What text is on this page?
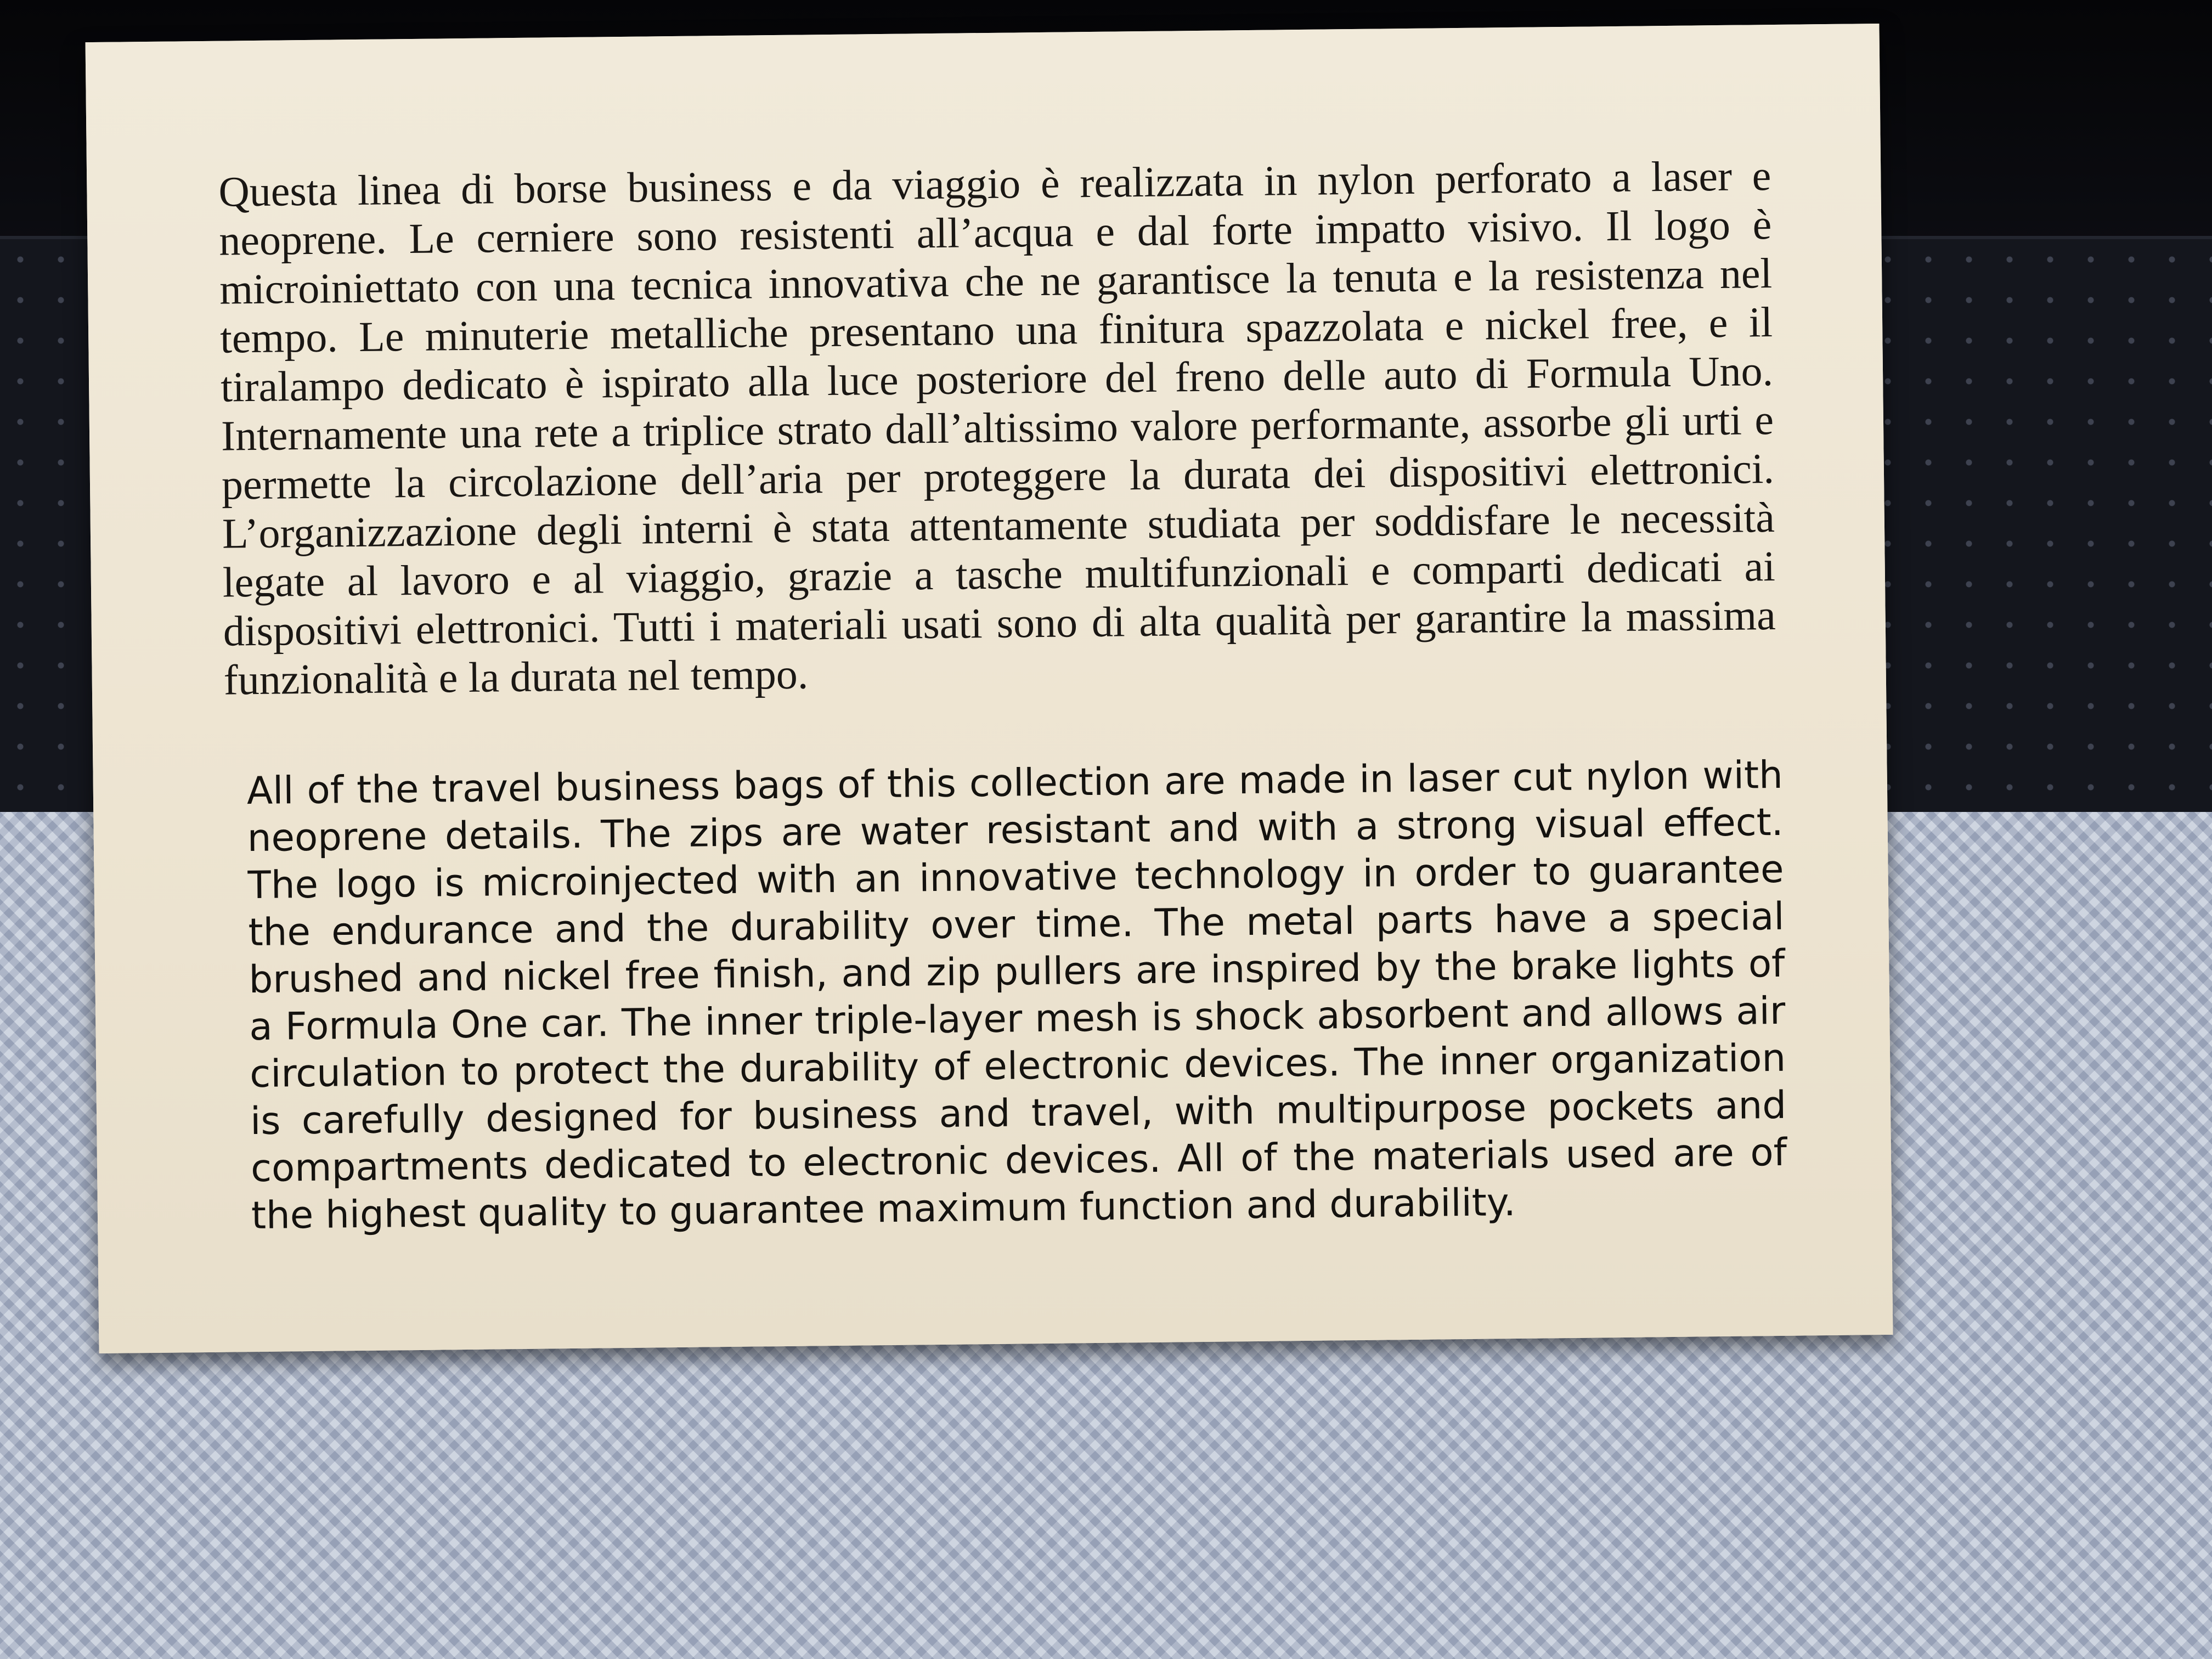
Questa linea di borse business e da viaggio è realizzata in nylon perforato a laser e neoprene. Le cerniere sono resistenti all’acqua e dal forte impatto visivo. Il logo è microiniettato con una tecnica innovativa che ne garantisce la tenuta e la resistenza nel tempo. Le minuterie metalliche presentano una finitura spazzolata e nickel free, e il tiralampo dedicato è ispirato alla luce posteriore del freno delle auto di Formula Uno. Internamente una rete a triplice strato dall’altissimo valore performante, assorbe gli urti e permette la circolazione dell’aria per proteggere la durata dei dispositivi elettronici. L’organizzazione degli interni è stata attentamente studiata per soddisfare le necessità legate al lavoro e al viaggio, grazie a tasche multifunzionali e comparti dedicati ai dispositivi elettronici. Tutti i materiali usati sono di alta qualità per garantire la massima funzionalità e la durata nel tempo.

All of the travel business bags of this collection are made in laser cut nylon with neoprene details. The zips are water resistant and with a strong visual effect. The logo is microinjected with an innovative technology in order to guarantee the endurance and the durability over time. The metal parts have a special brushed and nickel free finish, and zip pullers are inspired by the brake lights of a Formula One car. The inner triple-layer mesh is shock absorbent and allows air circulation to protect the durability of electronic devices. The inner organization is carefully designed for business and travel, with multipurpose pockets and compartments dedicated to electronic devices. All of the materials used are of the highest quality to guarantee maximum function and durability.
